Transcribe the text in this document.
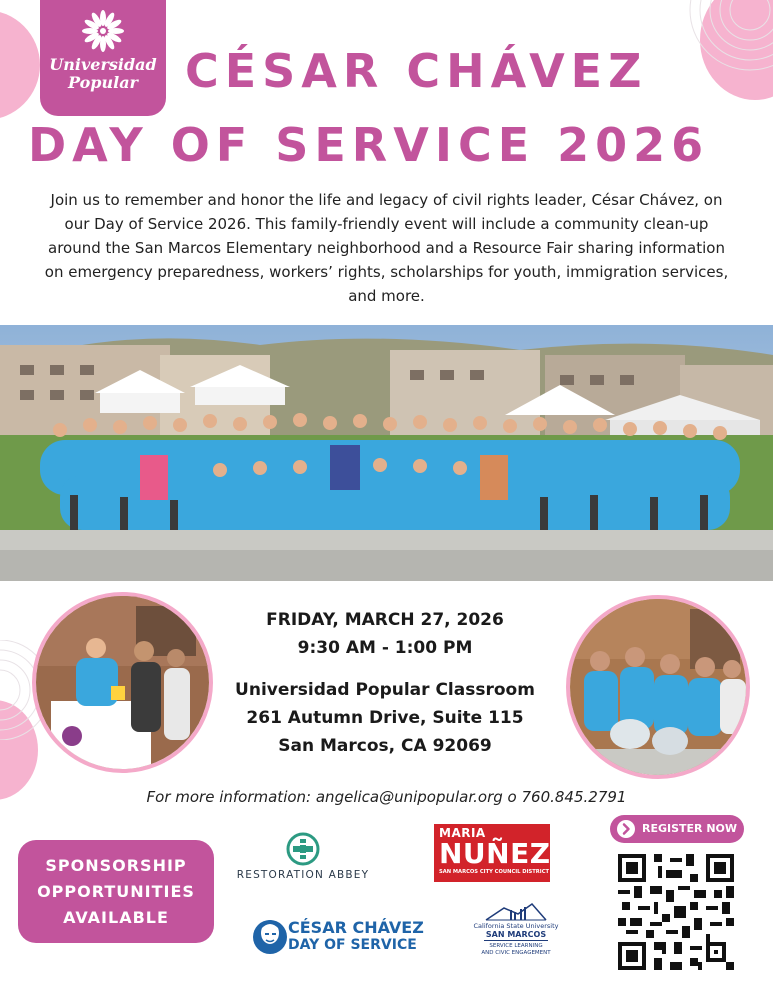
Universidad
Popular	CÉSAR CHÁVEZ
DAY OF SERVICE 2026
Join us to remember and honor the life and legacy of civil rights leader, César Chávez, on our Day of Service 2026. This family-friendly event will include a community clean-up around the San Marcos Elementary neighborhood and a Resource Fair sharing information on emergency preparedness, workers’ rights, scholarships for youth, immigration services, and more.
FRIDAY, MARCH 27, 2026
9:30 AM - 1:00 PM
Universidad Popular Classroom
261 Autumn Drive, Suite 115
San Marcos, CA 92069
For more information: angelica@unipopular.org o 760.845.2791
SPONSORSHIP
OPPORTUNITIES
AVAILABLE
RESTORATION ABBEY
MARIA
NUÑEZ
SAN MARCOS CITY COUNCIL DISTRICT 1
REGISTER NOW
CÉSAR CHÁVEZ
DAY OF SERVICE
California State University
SAN MARCOS
SERVICE LEARNING
AND CIVIC ENGAGEMENT
